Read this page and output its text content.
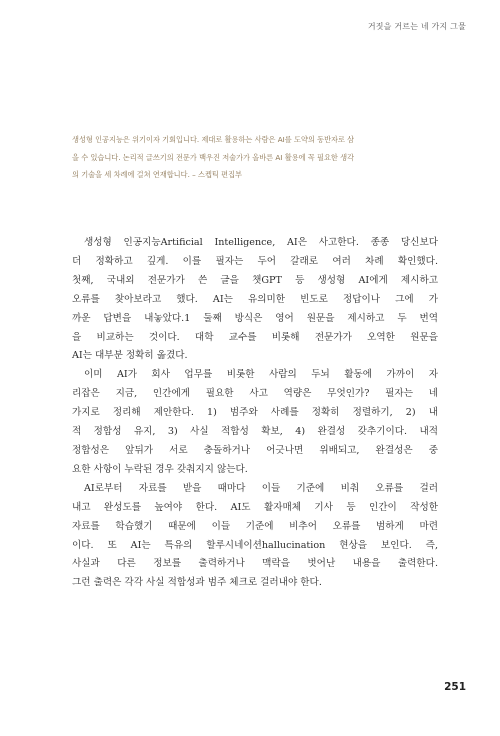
거짓을 거르는 네 가지 그물
생성형 인공지능은 위기이자 기회입니다. 제대로 활용하는 사람은 AI를 도약의 동반자로 삼
을 수 있습니다. 논리적 글쓰기의 전문가 백우진 저술가가 올바른 AI 활용에 꼭 필요한 생각
의 기술을 세 차례에 걸쳐 연재합니다. – 스켑틱 편집부
생성형 인공지능Artificial Intelligence, AI은 사고한다. 종종 당신보다
더 정확하고 깊게. 이를 필자는 두어 갈래로 여러 차례 확인했다.
첫째, 국내외 전문가가 쓴 글을 챗GPT 등 생성형 AI에게 제시하고
오류를 찾아보라고 했다. AI는 유의미한 빈도로 정답이나 그에 가
까운 답변을 내놓았다.1 둘째 방식은 영어 원문을 제시하고 두 번역
을 비교하는 것이다. 대학 교수를 비롯해 전문가가 오역한 원문을
AI는 대부분 정확히 옮겼다.
이미 AI가 회사 업무를 비롯한 사람의 두뇌 활동에 가까이 자
리잡은 지금, 인간에게 필요한 사고 역량은 무엇인가? 필자는 네
가지로 정리해 제안한다. 1) 범주와 사례를 정확히 정렬하기, 2) 내
적 정합성 유지, 3) 사실 적합성 확보, 4) 완결성 갖추기이다. 내적
정합성은 앞뒤가 서로 충돌하거나 어긋나면 위배되고, 완결성은 중
요한 사항이 누락된 경우 갖춰지지 않는다.
AI로부터 자료를 받을 때마다 이들 기준에 비춰 오류를 걸러
내고 완성도를 높여야 한다. AI도 활자매체 기사 등 인간이 작성한
자료를 학습했기 때문에 이들 기준에 비추어 오류를 범하게 마련
이다. 또 AI는 특유의 할루시네이션hallucination 현상을 보인다. 즉,
사실과 다른 정보를 출력하거나 맥락을 벗어난 내용을 출력한다.
그런 출력은 각각 사실 적합성과 범주 체크로 걸러내야 한다.
251
